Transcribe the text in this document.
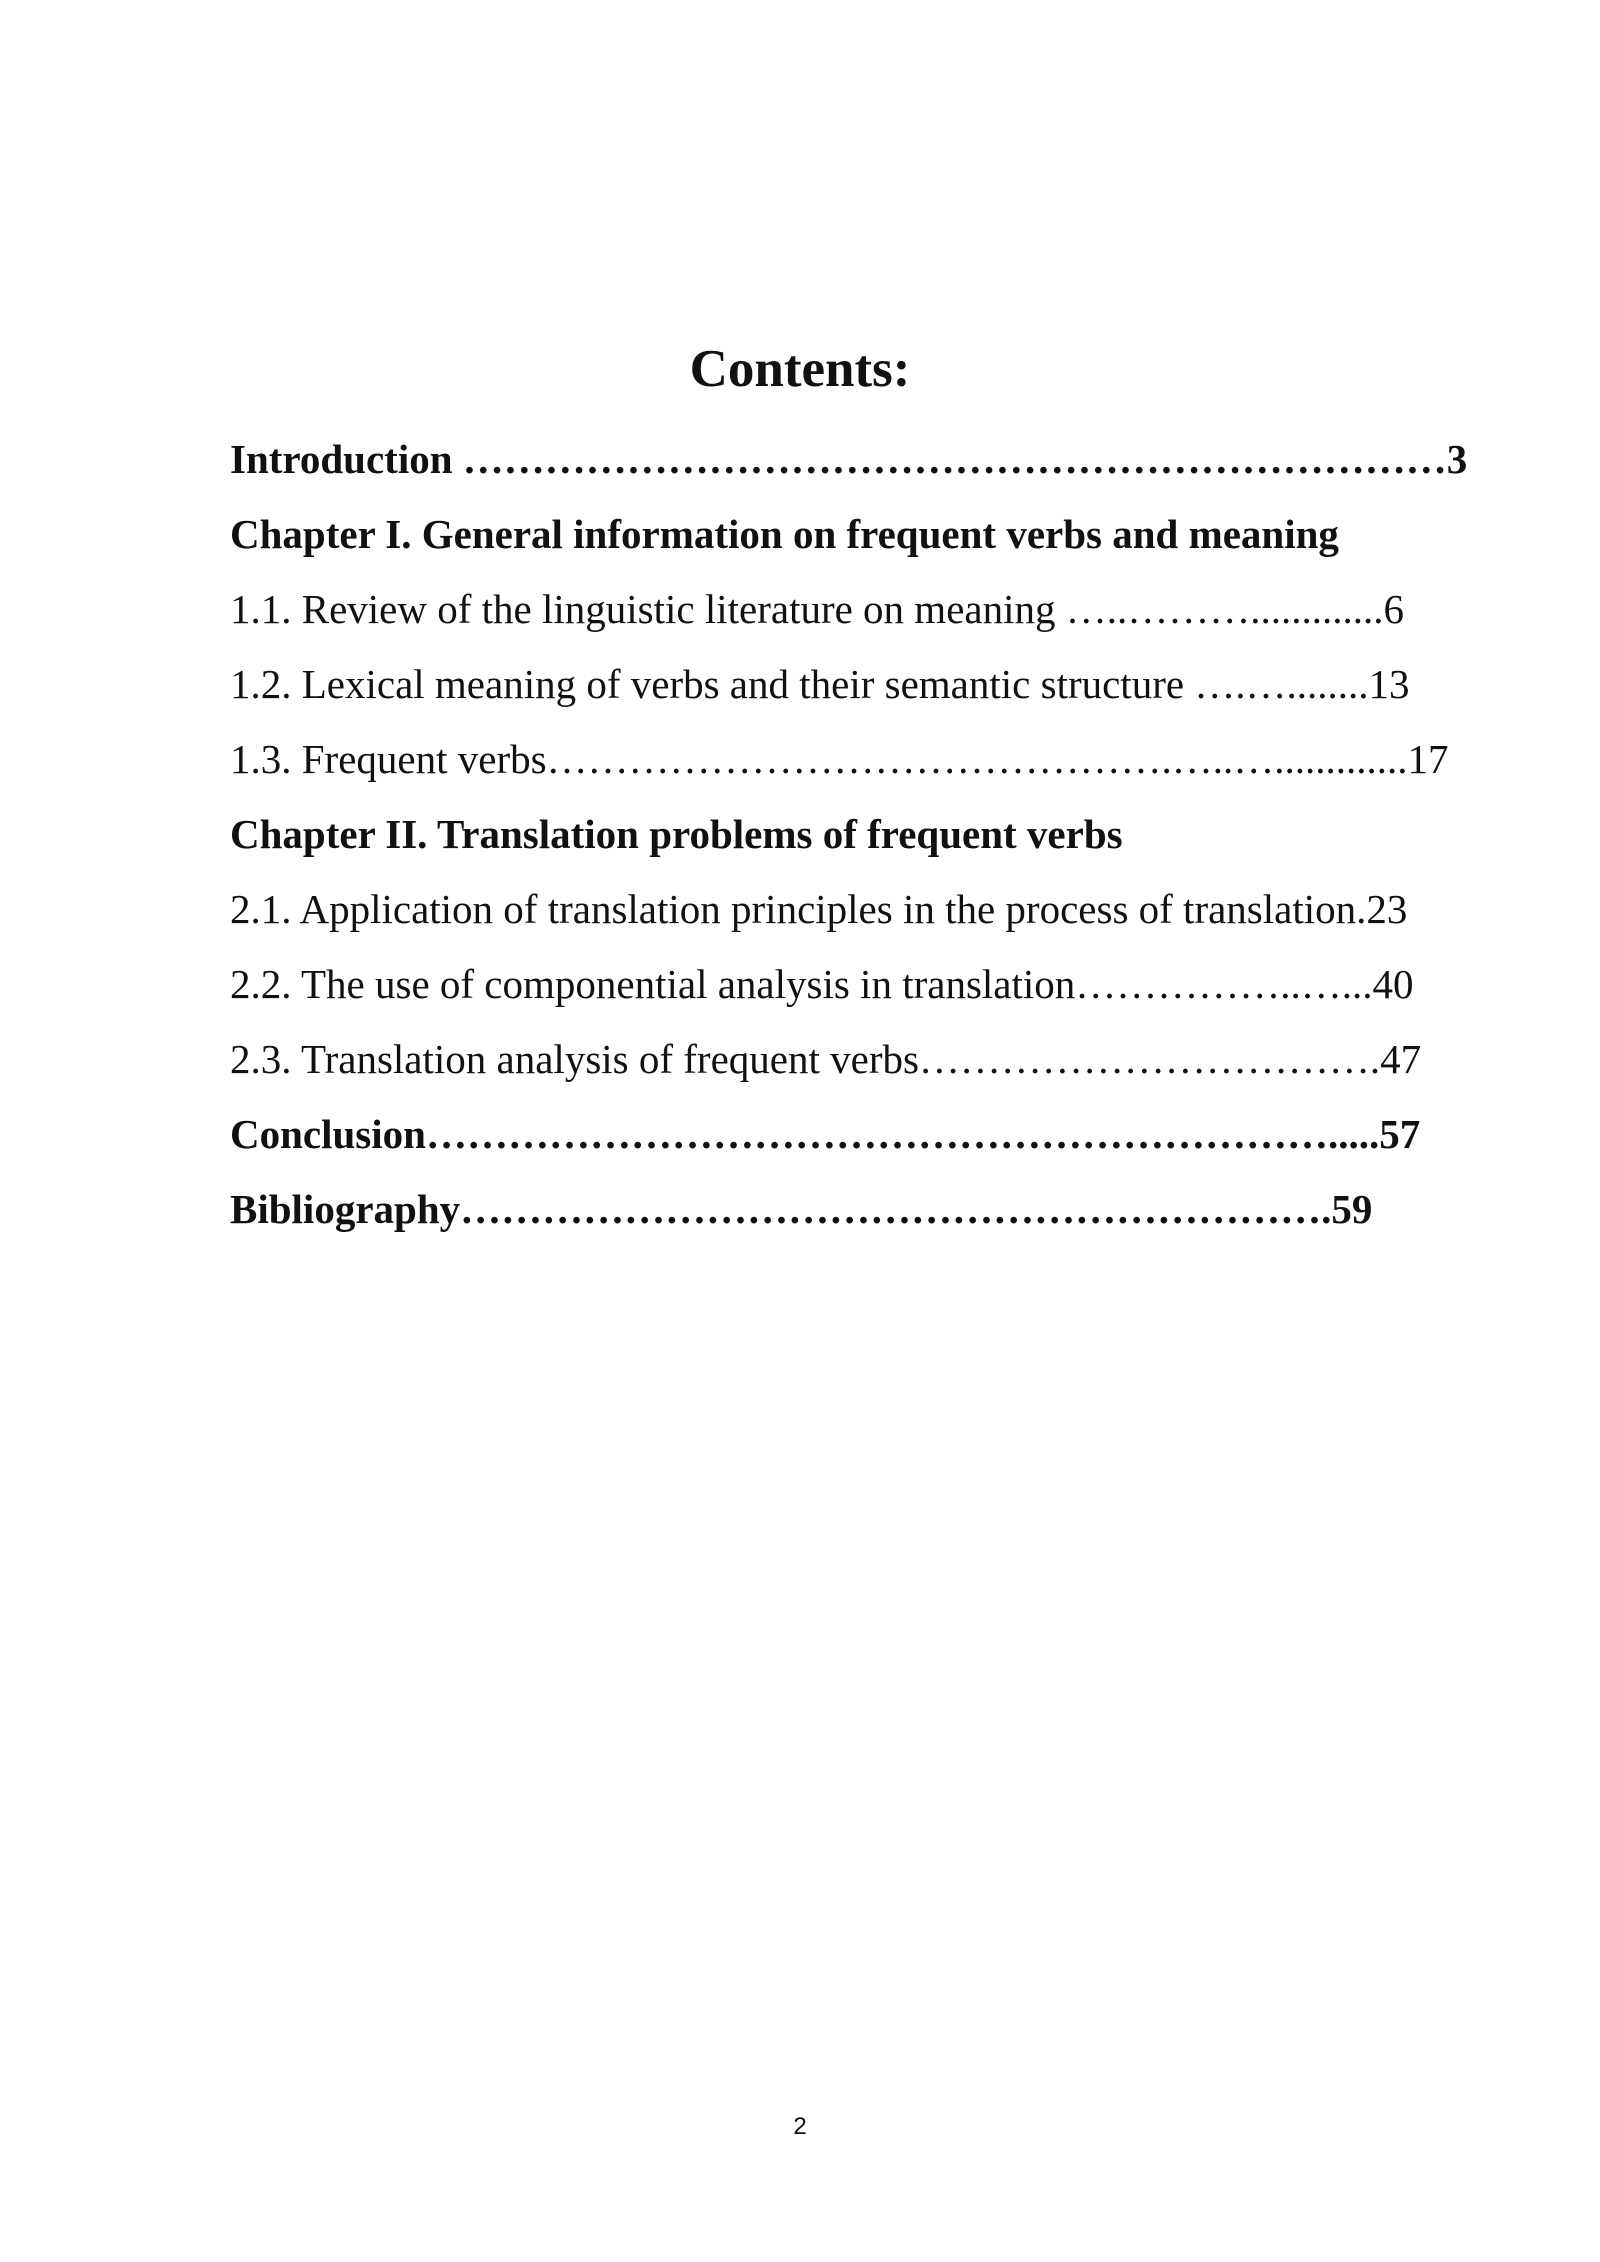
Contents:
Introduction ………………………………………………………………3
Chapter I. General information on frequent verbs and meaning
1.1. Review of the linguistic literature on meaning …..……….............6
1.2. Lexical meaning of verbs and their semantic structure ….…........13
1.3. Frequent verbs……………………………………….…..….............17
Chapter II. Translation problems of frequent verbs
2.1. Application of translation principles in the process of translation.23
2.2. The use of componential analysis in translation……………..…...40
2.3. Translation analysis of frequent verbs…………………………….47
Conclusion………………………………………………………….....57
Bibliography……………………………………………………….59
2
